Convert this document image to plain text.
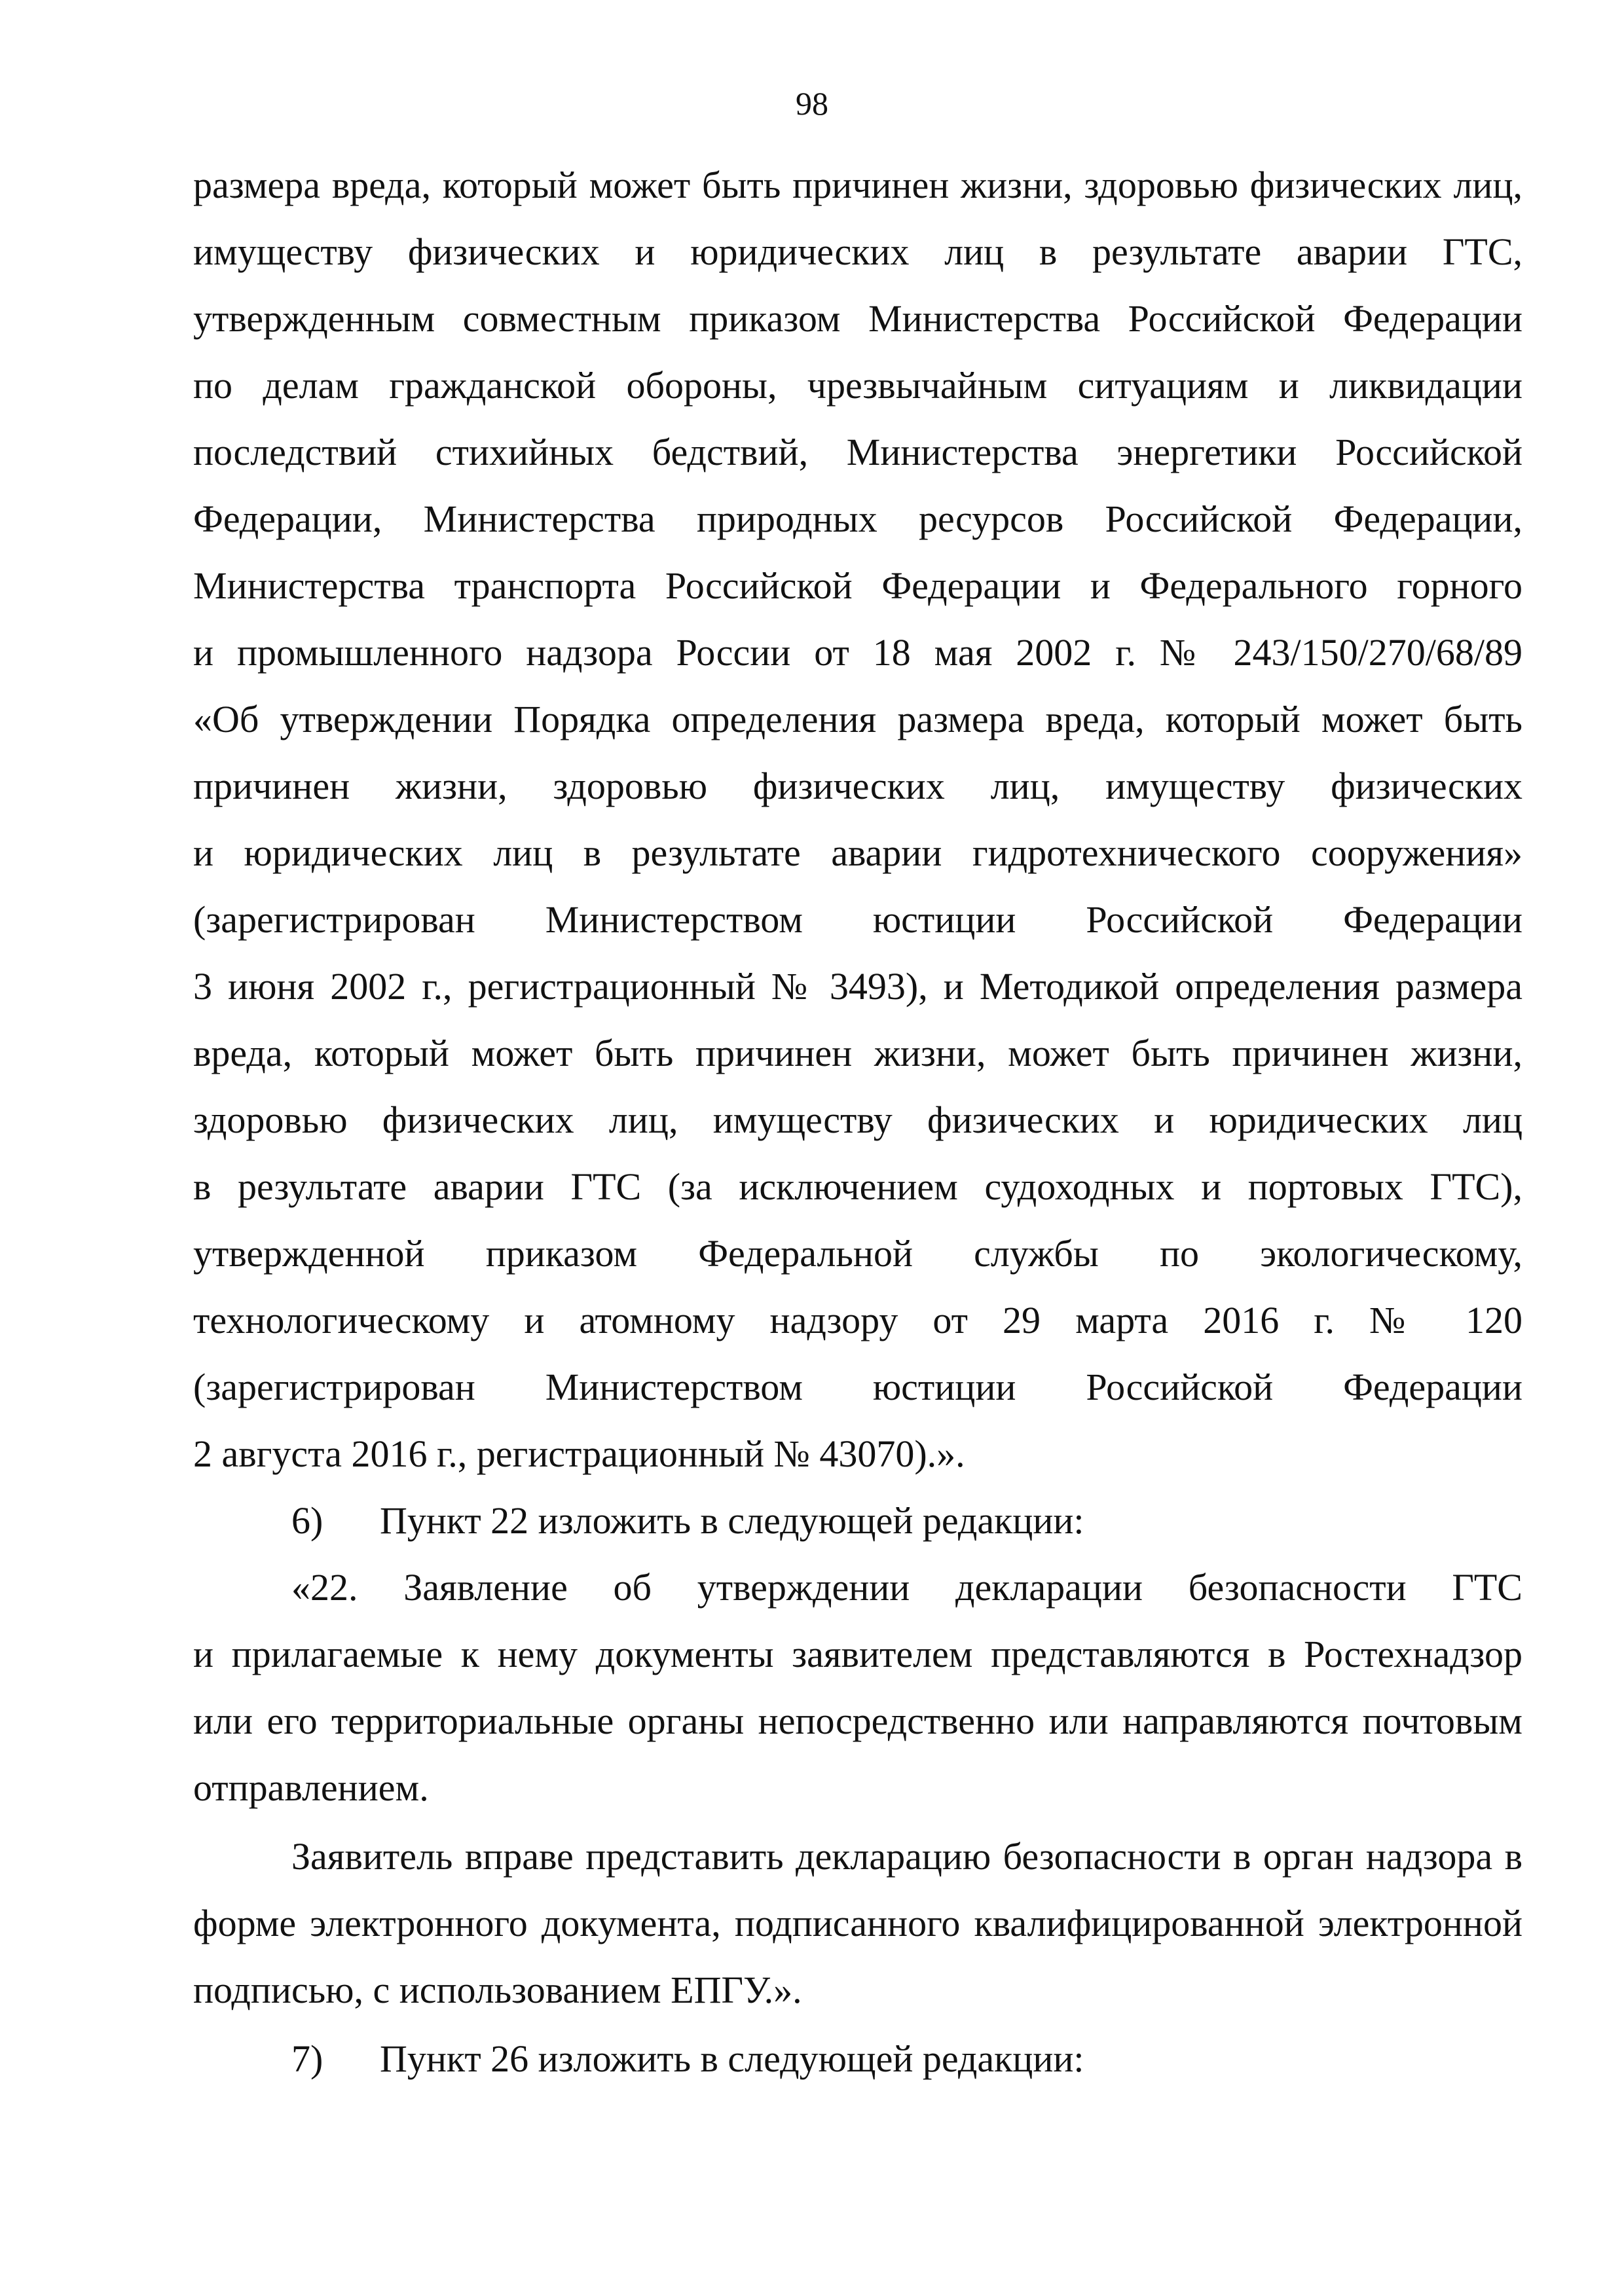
98
размера вреда, который может быть причинен жизни, здоровью физических лиц,
имуществу физических и юридических лиц в результате аварии ГТС,
утвержденным совместным приказом Министерства Российской Федерации
по делам гражданской обороны, чрезвычайным ситуациям и ликвидации
последствий стихийных бедствий, Министерства энергетики Российской
Федерации, Министерства природных ресурсов Российской Федерации,
Министерства транспорта Российской Федерации и Федерального горного
и промышленного надзора России от 18 мая 2002 г. № 243/150/270/68/89
«Об утверждении Порядка определения размера вреда, который может быть
причинен жизни, здоровью физических лиц, имуществу физических
и юридических лиц в результате аварии гидротехнического сооружения»
(зарегистрирован Министерством юстиции Российской Федерации
3 июня 2002 г., регистрационный № 3493), и Методикой определения размера
вреда, который может быть причинен жизни, может быть причинен жизни,
здоровью физических лиц, имуществу физических и юридических лиц
в результате аварии ГТС (за исключением судоходных и портовых ГТС),
утвержденной приказом Федеральной службы по экологическому,
технологическому и атомному надзору от 29 марта 2016 г. № 120
(зарегистрирован Министерством юстиции Российской Федерации
2 августа 2016 г., регистрационный № 43070).».
6) Пункт 22 изложить в следующей редакции:
«22. Заявление об утверждении декларации безопасности ГТС
и прилагаемые к нему документы заявителем представляются в Ростехнадзор
или его территориальные органы непосредственно или направляются почтовым
отправлением.
Заявитель вправе представить декларацию безопасности в орган надзора в
форме электронного документа, подписанного квалифицированной электронной
подписью, с использованием ЕПГУ.».
7) Пункт 26 изложить в следующей редакции:
